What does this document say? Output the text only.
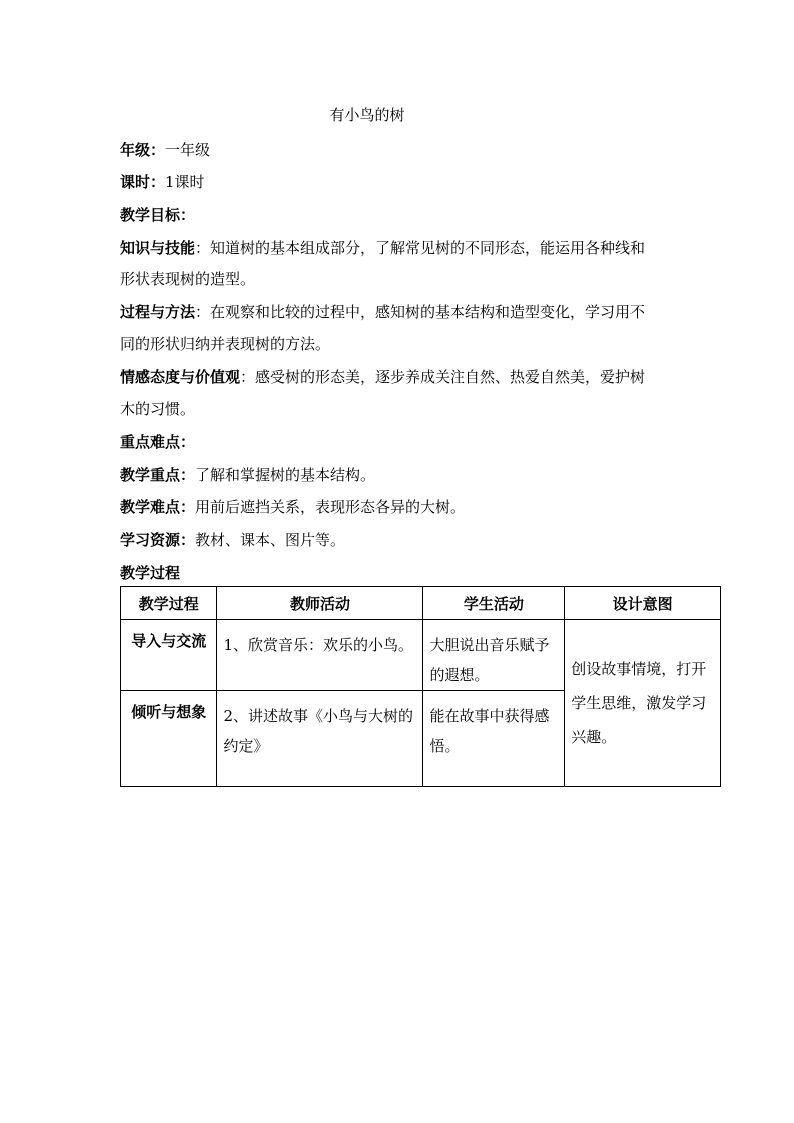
有小鸟的树
年级：一年级
课时：1课时
教学目标：
知识与技能：知道树的基本组成部分，了解常见树的不同形态，能运用各种线和
形状表现树的造型。
过程与方法：在观察和比较的过程中，感知树的基本结构和造型变化，学习用不
同的形状归纳并表现树的方法。
情感态度与价值观：感受树的形态美，逐步养成关注自然、热爱自然美，爱护树
木的习惯。
重点难点：
教学重点：了解和掌握树的基本结构。
教学难点：用前后遮挡关系，表现形态各异的大树。
学习资源：教材、课本、图片等。
教学过程
教学过程	教师活动	学生活动	设计意图
导入与交流	1、欣赏音乐：欢乐的小鸟。	大胆说出音乐赋予的遐想。	创设故事情境，打开学生思维，激发学习兴趣。
倾听与想象	2、讲述故事《小鸟与大树的约定》	能在故事中获得感悟。	
